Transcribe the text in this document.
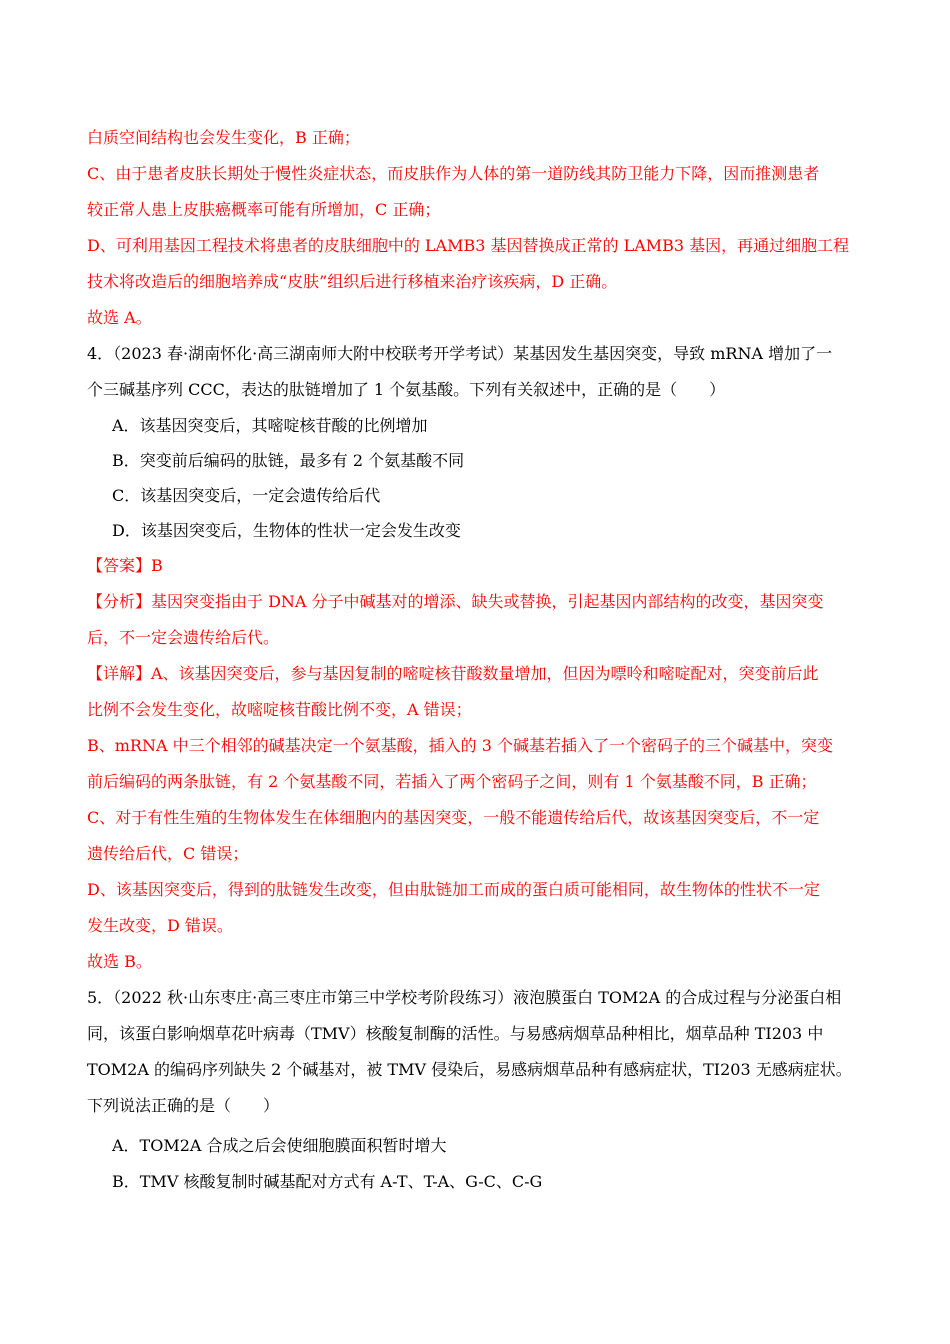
白质空间结构也会发生变化，B 正确；
C、由于患者皮肤长期处于慢性炎症状态，而皮肤作为人体的第一道防线其防卫能力下降，因而推测患者
较正常人患上皮肤癌概率可能有所增加，C 正确；
D、可利用基因工程技术将患者的皮肤细胞中的 LAMB3 基因替换成正常的 LAMB3 基因，再通过细胞工程
技术将改造后的细胞培养成“皮肤”组织后进行移植来治疗该疾病，D 正确。
故选 A。
4．（2023 春·湖南怀化·高三湖南师大附中校联考开学考试）某基因发生基因突变，导致 mRNA 增加了一
个三碱基序列 CCC，表达的肽链增加了 1 个氨基酸。下列有关叙述中，正确的是（　　）
A．该基因突变后，其嘧啶核苷酸的比例增加
B．突变前后编码的肽链，最多有 2 个氨基酸不同
C．该基因突变后，一定会遗传给后代
D．该基因突变后，生物体的性状一定会发生改变
【答案】B
【分析】基因突变指由于 DNA 分子中碱基对的增添、缺失或替换，引起基因内部结构的改变，基因突变
后，不一定会遗传给后代。
【详解】A、该基因突变后，参与基因复制的嘧啶核苷酸数量增加，但因为嘌呤和嘧啶配对，突变前后此
比例不会发生变化，故嘧啶核苷酸比例不变，A 错误；
B、mRNA 中三个相邻的碱基决定一个氨基酸，插入的 3 个碱基若插入了一个密码子的三个碱基中，突变
前后编码的两条肽链，有 2 个氨基酸不同，若插入了两个密码子之间，则有 1 个氨基酸不同，B 正确；
C、对于有性生殖的生物体发生在体细胞内的基因突变，一般不能遗传给后代，故该基因突变后，不一定
遗传给后代，C 错误；
D、该基因突变后，得到的肽链发生改变，但由肽链加工而成的蛋白质可能相同，故生物体的性状不一定
发生改变，D 错误。
故选 B。
5．（2022 秋·山东枣庄·高三枣庄市第三中学校考阶段练习）液泡膜蛋白 TOM2A 的合成过程与分泌蛋白相
同，该蛋白影响烟草花叶病毒（TMV）核酸复制酶的活性。与易感病烟草品种相比，烟草品种 TI203 中
TOM2A 的编码序列缺失 2 个碱基对，被 TMV 侵染后，易感病烟草品种有感病症状，TI203 无感病症状。
下列说法正确的是（　　）
A．TOM2A 合成之后会使细胞膜面积暂时增大
B．TMV 核酸复制时碱基配对方式有 A-T、T-A、G-C、C-G
